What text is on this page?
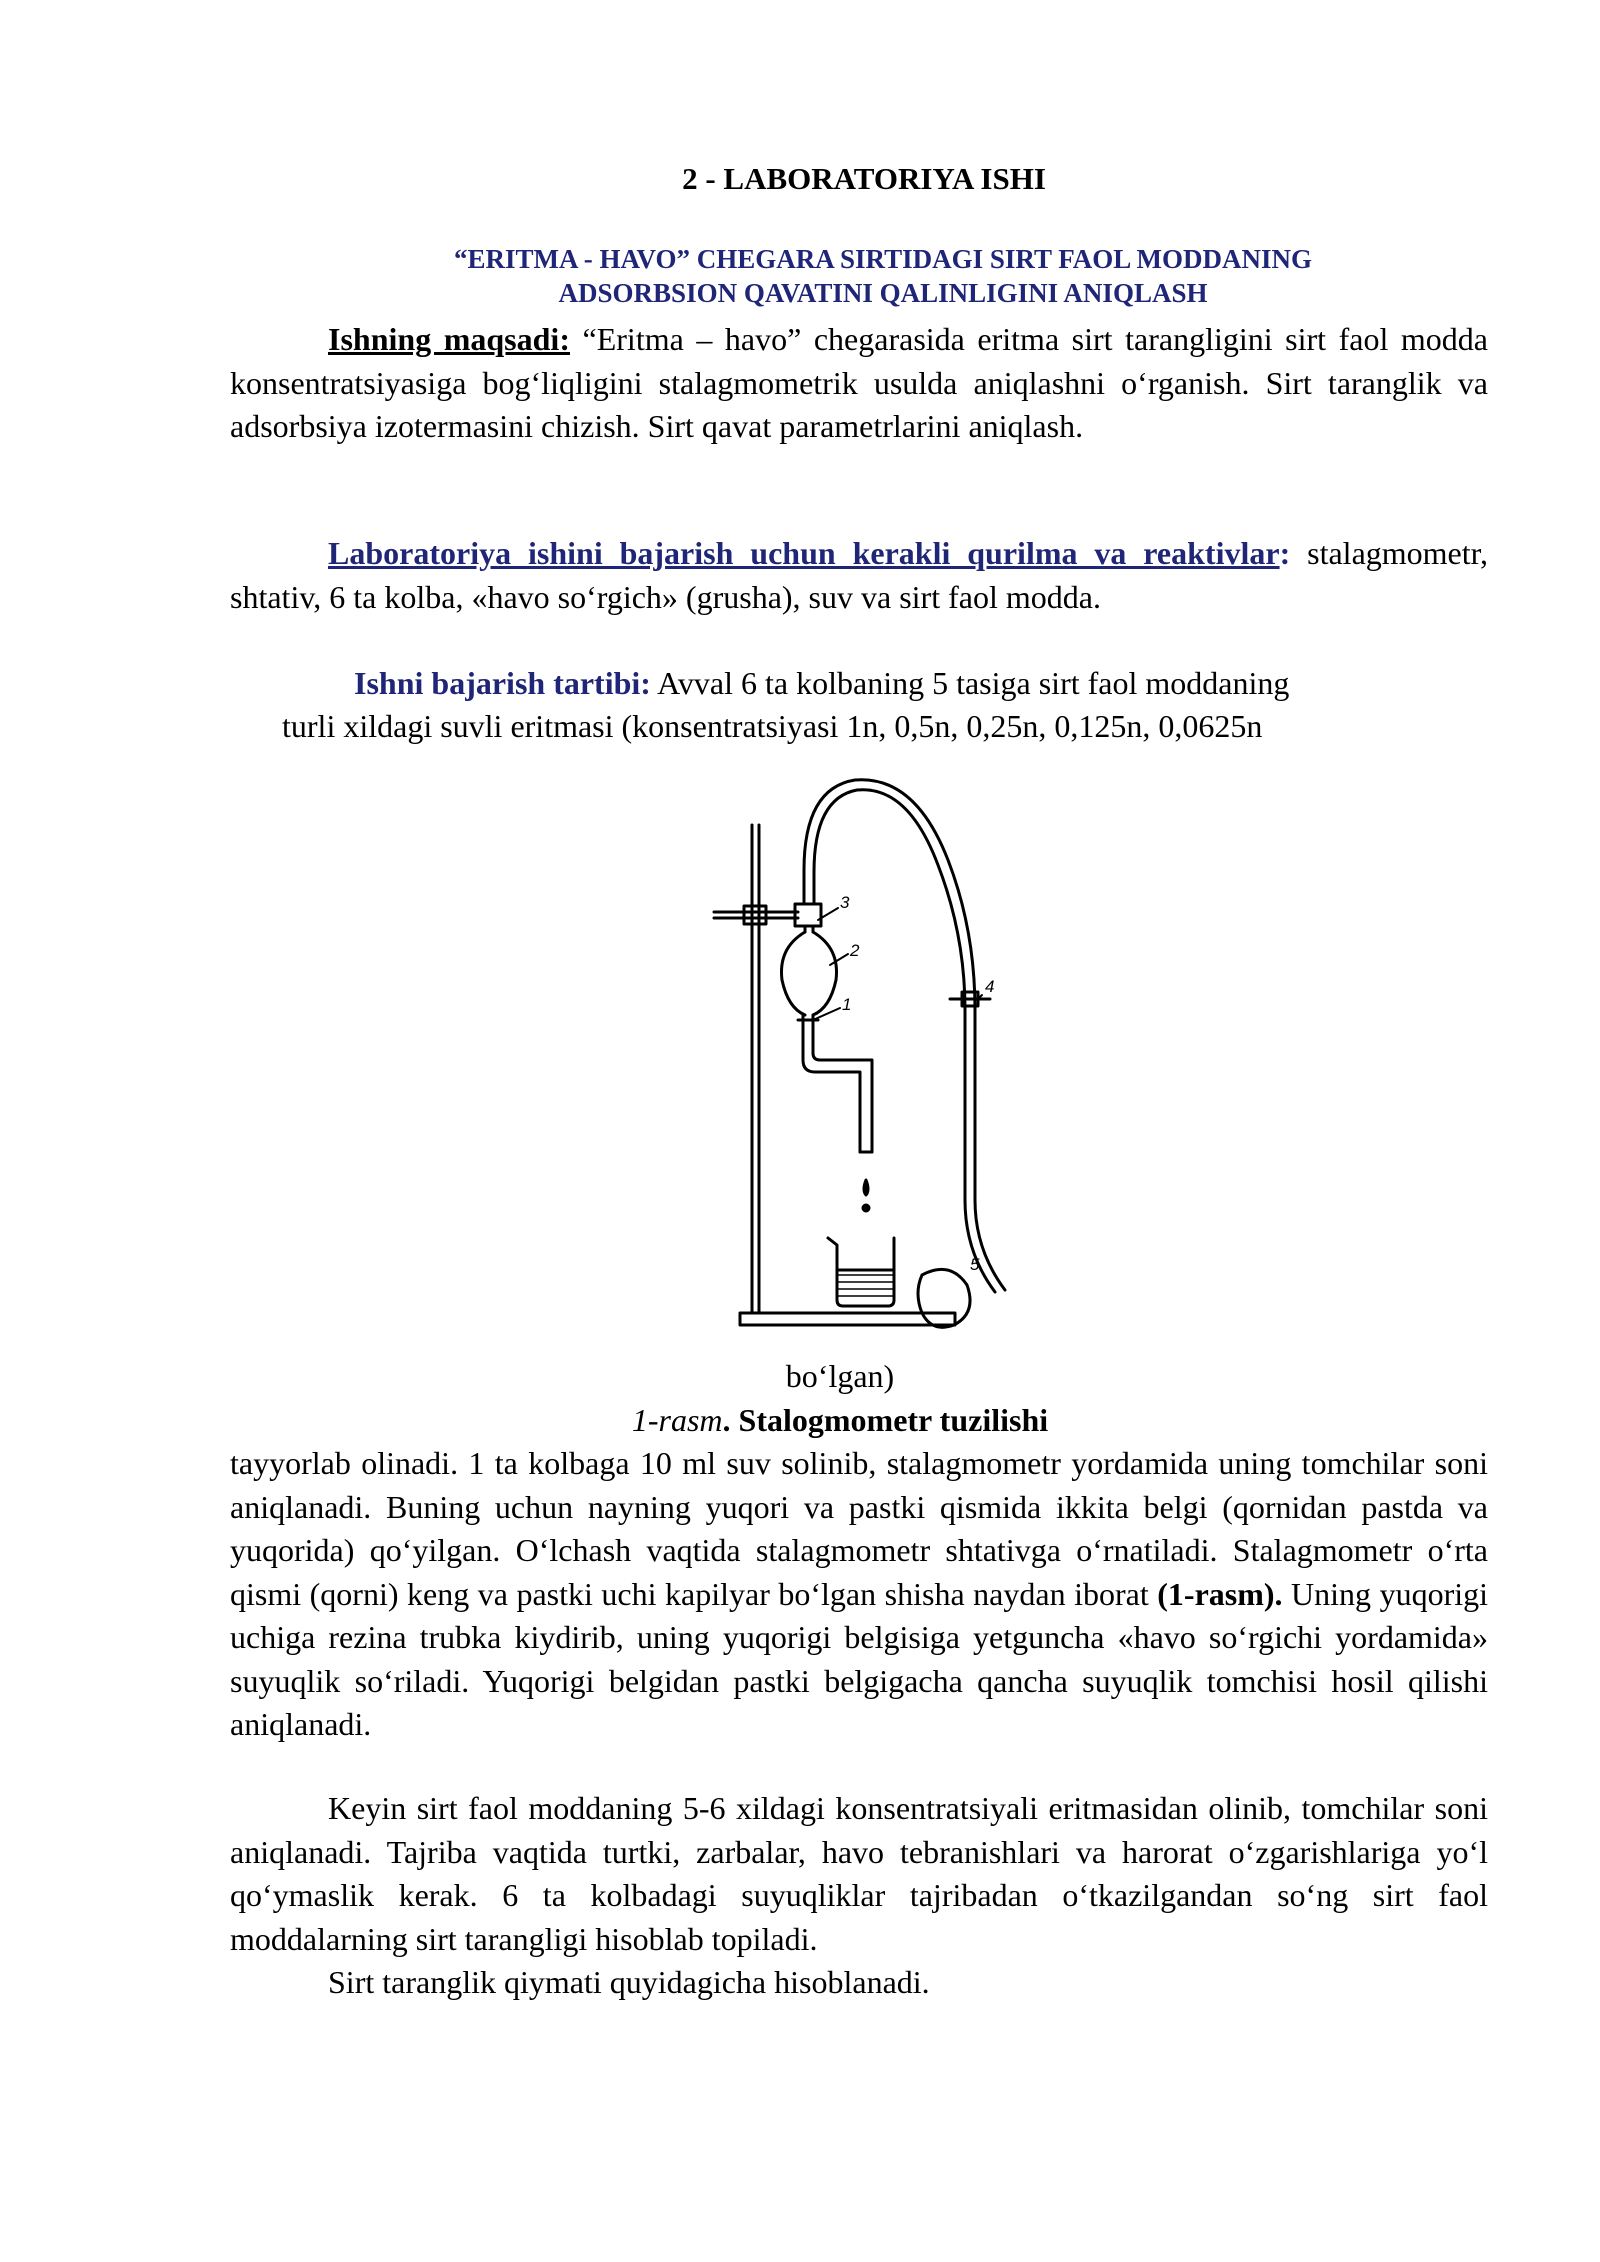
2 - LABORATORIYA ISHI
“ERITMA - HAVO” CHEGARA SIRTIDAGI SIRT FAOL MODDANING
ADSORBSION QAVATINI QALINLIGINI ANIQLASH
Ishning maqsadi: “Eritma – havo” chegarasida eritma sirt tarangligini sirt faol modda konsentratsiyasiga bog‘liqligini stalagmometrik usulda aniqlashni o‘rganish. Sirt taranglik va adsorbsiya izotermasini chizish. Sirt qavat parametrlarini aniqlash.
Laboratoriya ishini bajarish uchun kerakli qurilma va reaktivlar: stalagmometr, shtativ, 6 ta kolba, «havo so‘rgich» (grusha), suv va sirt faol modda.
Ishni bajarish tartibi: Avval 6 ta kolbaning 5 tasiga sirt faol moddaning
turli xildagi suvli eritmasi (konsentratsiyasi 1n, 0,5n, 0,25n, 0,125n, 0,0625n
3
2
1
4
5
bo‘lgan)
1-rasm. Stalogmometr tuzilishi
tayyorlab olinadi. 1 ta kolbaga 10 ml suv solinib, stalagmometr yordamida uning tomchilar soni aniqlanadi. Buning uchun nayning yuqori va pastki qismida ikkita belgi (qornidan pastda va yuqorida) qo‘yilgan. O‘lchash vaqtida stalagmometr shtativga o‘rnatiladi. Stalagmometr o‘rta qismi (qorni) keng va pastki uchi kapilyar bo‘lgan shisha naydan iborat (1-rasm). Uning yuqorigi uchiga rezina trubka kiydirib, uning yuqorigi belgisiga yetguncha «havo so‘rgichi yordamida» suyuqlik so‘riladi. Yuqorigi belgidan pastki belgigacha qancha suyuqlik tomchisi hosil qilishi aniqlanadi.
Keyin sirt faol moddaning 5-6 xildagi konsentratsiyali eritmasidan olinib, tomchilar soni aniqlanadi. Tajriba vaqtida turtki, zarbalar, havo tebranishlari va harorat o‘zgarishlariga yo‘l qo‘ymaslik kerak. 6 ta kolbadagi suyuqliklar tajribadan o‘tkazilgandan so‘ng sirt faol moddalarning sirt tarangligi hisoblab topiladi.
Sirt taranglik qiymati quyidagicha hisoblanadi.
